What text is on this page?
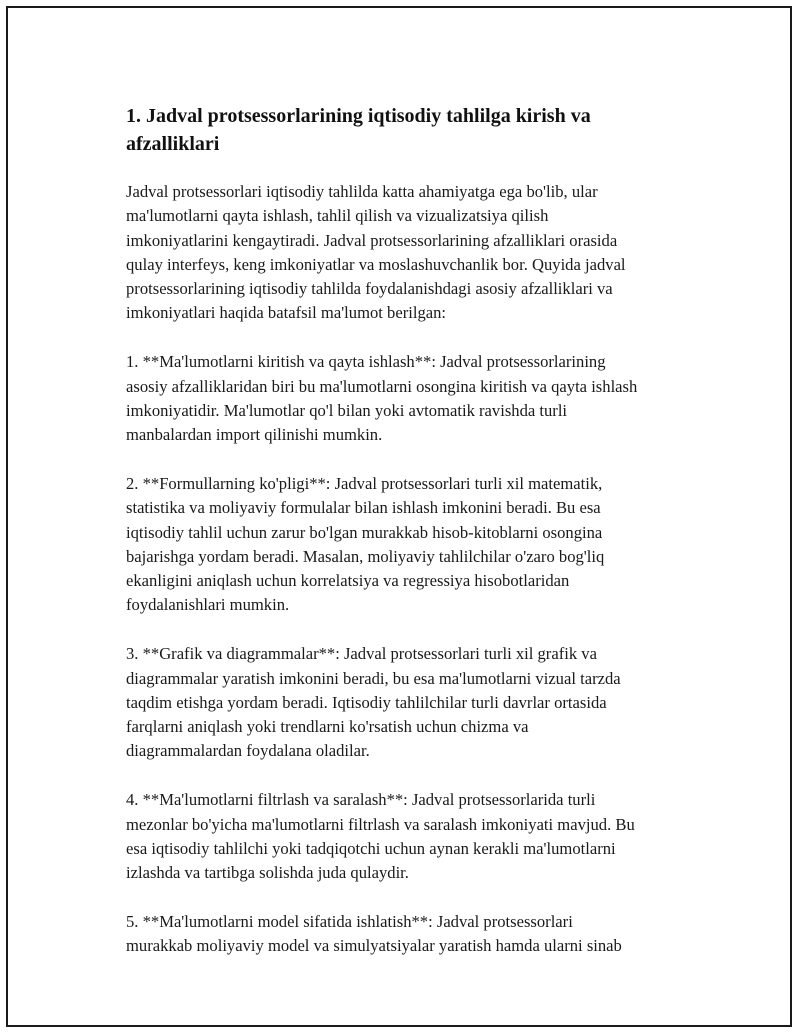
1. Jadval protsessorlarining iqtisodiy tahlilga kirish va
afzalliklari

Jadval protsessorlari iqtisodiy tahlilda katta ahamiyatga ega bo'lib, ular
ma'lumotlarni qayta ishlash, tahlil qilish va vizualizatsiya qilish
imkoniyatlarini kengaytiradi. Jadval protsessorlarining afzalliklari orasida
qulay interfeys, keng imkoniyatlar va moslashuvchanlik bor. Quyida jadval
protsessorlarining iqtisodiy tahlilda foydalanishdagi asosiy afzalliklari va
imkoniyatlari haqida batafsil ma'lumot berilgan:

1. **Ma'lumotlarni kiritish va qayta ishlash**: Jadval protsessorlarining
asosiy afzalliklaridan biri bu ma'lumotlarni osongina kiritish va qayta ishlash
imkoniyatidir. Ma'lumotlar qo'l bilan yoki avtomatik ravishda turli
manbalardan import qilinishi mumkin.

2. **Formullarning ko'pligi**: Jadval protsessorlari turli xil matematik,
statistika va moliyaviy formulalar bilan ishlash imkonini beradi. Bu esa
iqtisodiy tahlil uchun zarur bo'lgan murakkab hisob-kitoblarni osongina
bajarishga yordam beradi. Masalan, moliyaviy tahlilchilar o'zaro bog'liq
ekanligini aniqlash uchun korrelatsiya va regressiya hisobotlaridan
foydalanishlari mumkin.

3. **Grafik va diagrammalar**: Jadval protsessorlari turli xil grafik va
diagrammalar yaratish imkonini beradi, bu esa ma'lumotlarni vizual tarzda
taqdim etishga yordam beradi. Iqtisodiy tahlilchilar turli davrlar ortasida
farqlarni aniqlash yoki trendlarni ko'rsatish uchun chizma va
diagrammalardan foydalana oladilar.

4. **Ma'lumotlarni filtrlash va saralash**: Jadval protsessorlarida turli
mezonlar bo'yicha ma'lumotlarni filtrlash va saralash imkoniyati mavjud. Bu
esa iqtisodiy tahlilchi yoki tadqiqotchi uchun aynan kerakli ma'lumotlarni
izlashda va tartibga solishda juda qulaydir.

5. **Ma'lumotlarni model sifatida ishlatish**: Jadval protsessorlari
murakkab moliyaviy model va simulyatsiyalar yaratish hamda ularni sinab
